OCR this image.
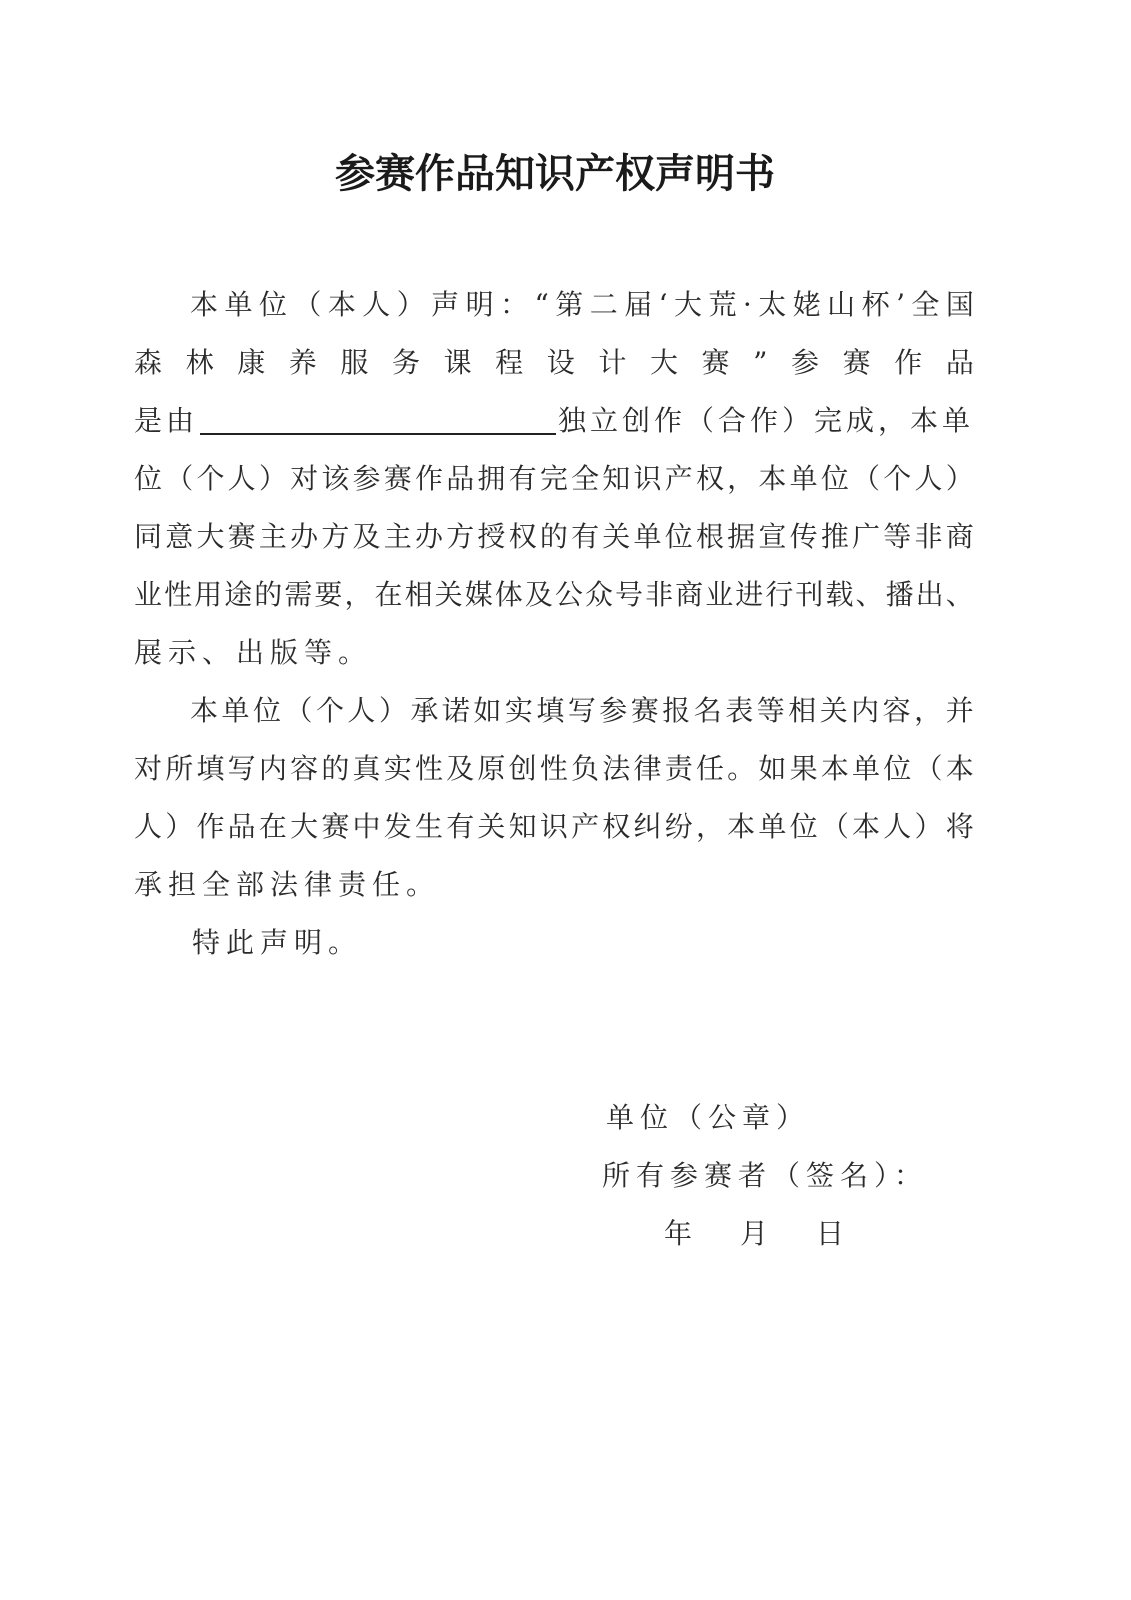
参赛作品知识产权声明书
本 单 位 （ 本 人 ） 声 明 ： “ 第 二 届 ‘ 大 荒 · 太 姥 山 杯 ’ 全 国
森 林 康 养 服 务 课 程 设 计 大 赛 ” 参 赛 作 品
是由	独立创作（合作）完成，本单
位 （ 个 人 ） 对 该 参 赛 作 品 拥 有 完 全 知 识 产 权 ， 本 单 位 （ 个 人 ）
同 意 大 赛 主 办 方 及 主 办 方 授 权 的 有 关 单 位 根 据 宣 传 推 广 等 非 商
业 性 用 途 的 需 要 ， 在 相 关 媒 体 及 公 众 号 非 商 业 进 行 刊 载 、 播 出 、
展示、出版等。
本 单 位 （ 个 人 ） 承 诺 如 实 填 写 参 赛 报 名 表 等 相 关 内 容 ， 并
对 所 填 写 内 容 的 真 实 性 及 原 创 性 负 法 律 责 任 。 如 果 本 单 位 （ 本
人 ） 作 品 在 大 赛 中 发 生 有 关 知 识 产 权 纠 纷 ， 本 单 位 （ 本 人 ） 将
承担全部法律责任。
特此声明。
单位（公章）
所有参赛者（签名）：
年　月　日
